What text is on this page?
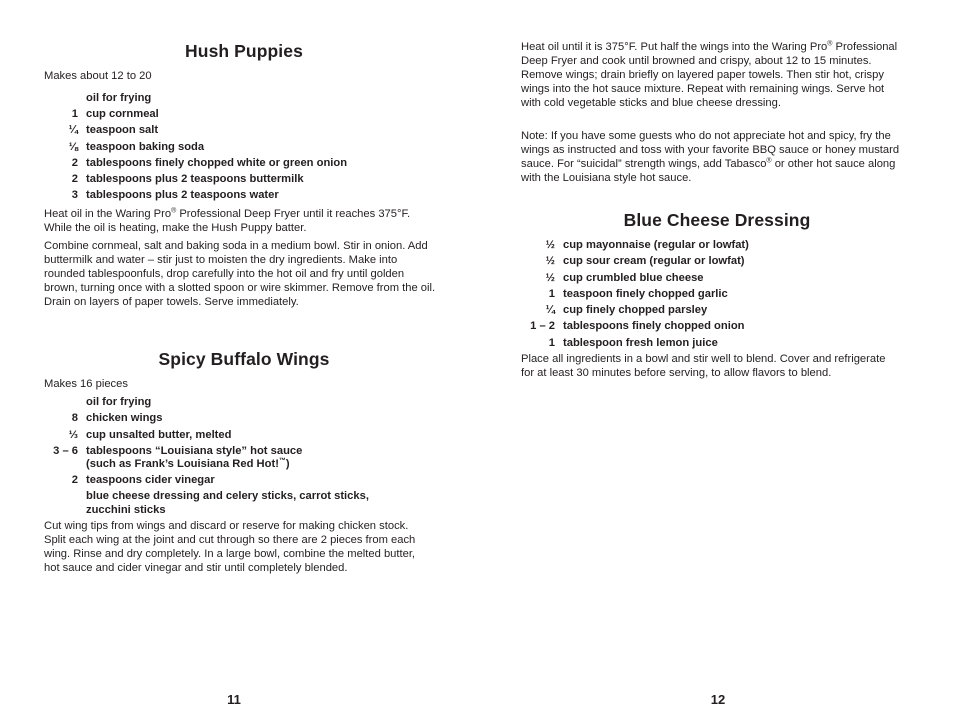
Hush Puppies

Makes about 12 to 20

oil for frying
1 cup cornmeal
¼ teaspoon salt
⅛ teaspoon baking soda
2 tablespoons finely chopped white or green onion
2 tablespoons plus 2 teaspoons buttermilk
3 tablespoons plus 2 teaspoons water

Heat oil in the Waring Pro® Professional Deep Fryer until it reaches 375°F. While the oil is heating, make the Hush Puppy batter.

Combine cornmeal, salt and baking soda in a medium bowl. Stir in onion. Add buttermilk and water – stir just to moisten the dry ingredients. Make into rounded tablespoonfuls, drop carefully into the hot oil and fry until golden brown, turning once with a slotted spoon or wire skimmer. Remove from the oil. Drain on layers of paper towels. Serve immediately.

Spicy Buffalo Wings

Makes 16 pieces

oil for frying
8 chicken wings
⅓ cup unsalted butter, melted
3 – 6 tablespoons “Louisiana style” hot sauce
(such as Frank’s Louisiana Red Hot!™)
2 teaspoons cider vinegar
blue cheese dressing and celery sticks, carrot sticks,
zucchini sticks

Cut wing tips from wings and discard or reserve for making chicken stock. Split each wing at the joint and cut through so there are 2 pieces from each wing. Rinse and dry completely. In a large bowl, combine the melted butter, hot sauce and cider vinegar and stir until completely blended.

11

Heat oil until it is 375°F. Put half the wings into the Waring Pro® Professional Deep Fryer and cook until browned and crispy, about 12 to 15 minutes. Remove wings; drain briefly on layered paper towels. Then stir hot, crispy wings into the hot sauce mixture. Repeat with remaining wings. Serve hot with cold vegetable sticks and blue cheese dressing.

Note: If you have some guests who do not appreciate hot and spicy, fry the wings as instructed and toss with your favorite BBQ sauce or honey mustard sauce. For “suicidal” strength wings, add Tabasco® or other hot sauce along with the Louisiana style hot sauce.

Blue Cheese Dressing
½ cup mayonnaise (regular or lowfat)
½ cup sour cream (regular or lowfat)
½ cup crumbled blue cheese
1 teaspoon finely chopped garlic
¼ cup finely chopped parsley
1 – 2 tablespoons finely chopped onion
1 tablespoon fresh lemon juice

Place all ingredients in a bowl and stir well to blend. Cover and refrigerate for at least 30 minutes before serving, to allow flavors to blend.

12
